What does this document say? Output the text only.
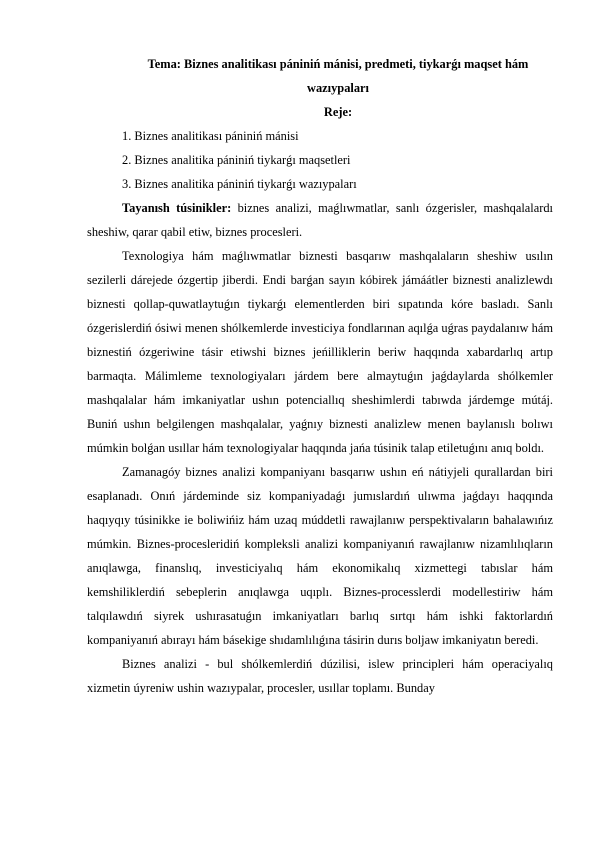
Tema: Biznes analitikası pániniń mánisi, predmeti, tiykarǵı maqset hám wazıypaları

Reje:

1. Biznes analitikası pániniń mánisi

2. Biznes analitika pániniń tiykarǵı maqsetleri

3. Biznes analitika pániniń tiykarǵı wazıypaları

Tayanısh túsinikler: biznes analizi, maǵlıwmatlar, sanlı ózgerisler, mashqalalardı sheshiw, qarar qabil etiw, biznes procesleri.

Texnologiya hám maǵlıwmatlar biznesti basqarıw mashqalaların sheshiw usılın sezilerli dárejede ózgertip jiberdi. Endi barǵan sayın kóbirek jámáátler biznesti analizlewdı biznesti qollap-quwatlaytuǵın tiykarǵı elementlerden biri sıpatında kóre basladı. Sanlı ózgerislerdiń ósiwi menen shólkemlerde investiciya fondlarınan aqılǵa uǵras paydalanıw hám biznestiń ózgeriwine tásir etiwshi biznes jeńilliklerin beriw haqqında xabardarlıq artıp barmaqta. Málimleme texnologiyaları járdem bere almaytuǵın jaǵdaylarda shólkemler mashqalalar hám imkaniyatlar ushın potenciallıq sheshimlerdi tabıwda járdemge mútáj. Buniń ushın belgilengen mashqalalar, yaǵnıy biznesti analizlew menen baylanıslı bolıwı múmkin bolǵan usıllar hám texnologiyalar haqqında jańa túsinik talap etiletuǵını anıq boldı.

Zamanagóy biznes analizi kompaniyanı basqarıw ushın eń nátiyjeli qurallardan biri esaplanadı. Onıń járdeminde siz kompaniyadaǵı jumıslardıń ulıwma jaǵdayı haqqında haqıyqıy túsinikke ie boliwińiz hám uzaq múddetli rawajlanıw perspektivaların bahalawıńız múmkin. Biznes-procesleridiń kompleksli analizi kompaniyanıń rawajlanıw nizamlılıqların anıqlawga, finanslıq, investiciyalıq hám ekonomikalıq xizmettegi tabıslar hám kemshiliklerdiń sebeplerin anıqlawga uqıplı. Biznes-processlerdi modellestiriw hám talqılawdıń siyrek ushırasatuǵın imkaniyatları barlıq sırtqı hám ishki faktorlardıń kompaniyanıń abırayı hám básekige shıdamlılıǵına tásirin durıs boljaw imkaniyatın beredi.

Biznes analizi - bul shólkemlerdiń dúzilisi, islew principleri hám operaciyalıq xizmetin úyreniw ushin wazıypalar, procesler, usıllar toplamı. Bunday
